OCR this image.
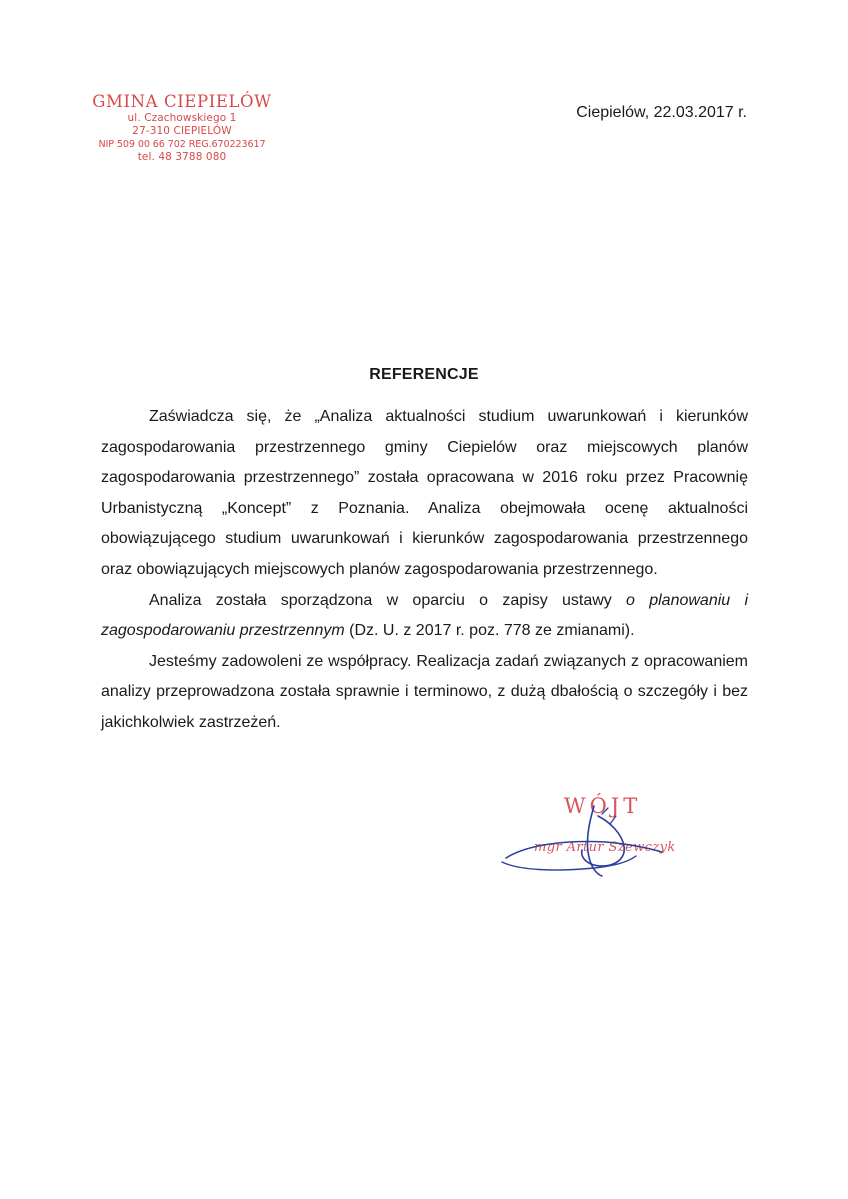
GMINA CIEPIELÓW
ul. Czachowskiego 1
27-310 CIEPIELÓW
NIP 509 00 66 702 REG.670223617
tel. 48 3788 080
Ciepielów, 22.03.2017 r.
REFERENCJE

Zaświadcza się, że „Analiza aktualności studium uwarunkowań i kierunków zagospodarowania przestrzennego gminy Ciepielów oraz miejscowych planów zagospodarowania przestrzennego” została opracowana w 2016 roku przez Pracownię Urbanistyczną „Koncept” z Poznania. Analiza obejmowała ocenę aktualności obowiązującego studium uwarunkowań i kierunków zagospodarowania przestrzennego oraz obowiązujących miejscowych planów zagospodarowania przestrzennego.

Analiza została sporządzona w oparciu o zapisy ustawy o planowaniu i zagospodarowaniu przestrzennym (Dz. U. z 2017 r. poz. 778 ze zmianami).

Jesteśmy zadowoleni ze współpracy. Realizacja zadań związanych z opracowaniem analizy przeprowadzona została sprawnie i terminowo, z dużą dbałością o szczegóły i bez jakichkolwiek zastrzeżeń.

WÓJT
mgr Artur Szewczyk
